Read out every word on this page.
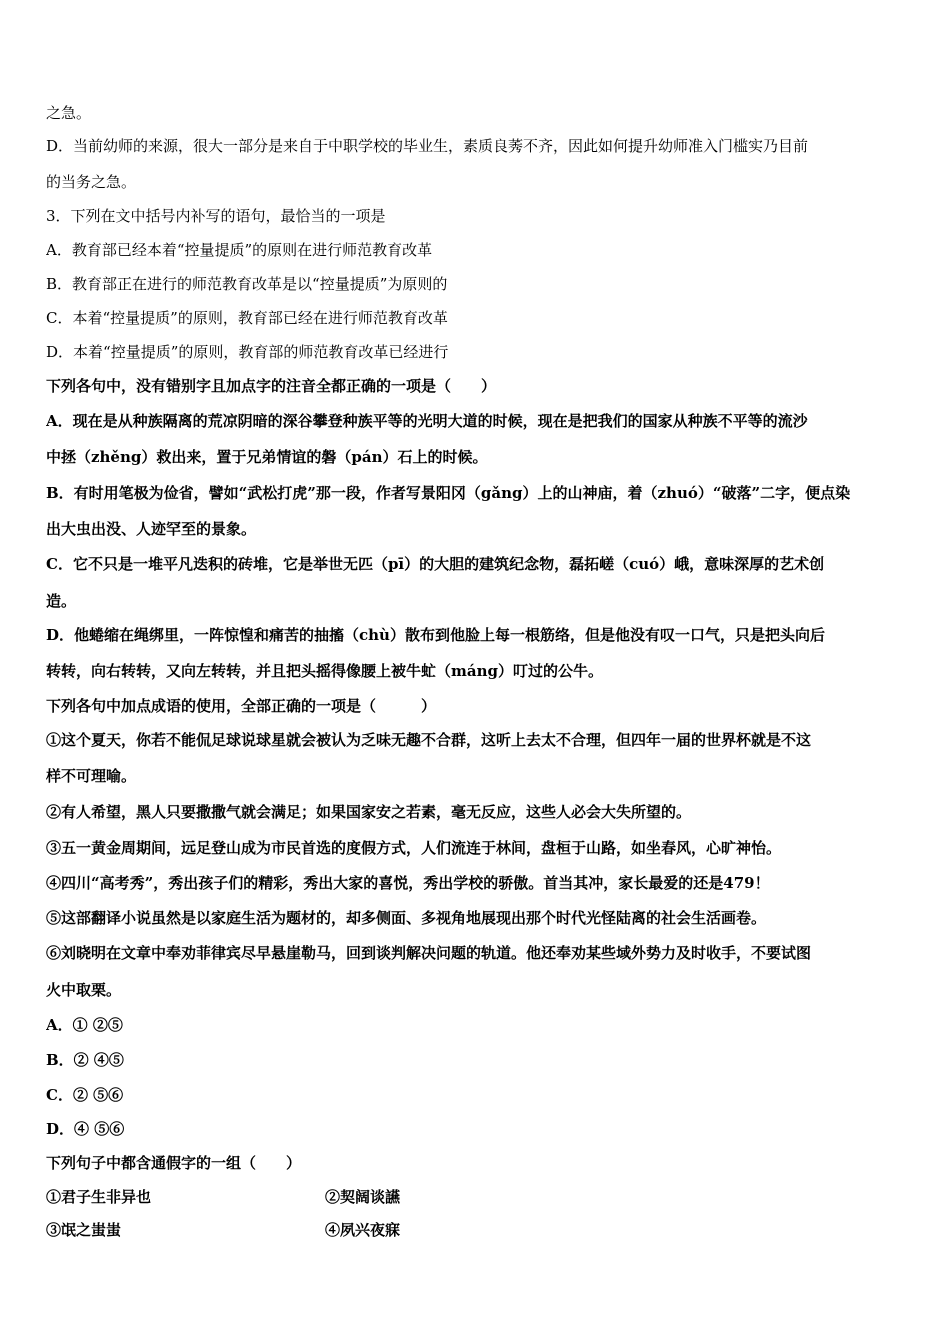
之急。
D．当前幼师的来源，很大一部分是来自于中职学校的毕业生，素质良莠不齐，因此如何提升幼师准入门槛实乃目前
的当务之急。
3．下列在文中括号内补写的语句，最恰当的一项是
A．教育部已经本着“控量提质”的原则在进行师范教育改革
B．教育部正在进行的师范教育改革是以“控量提质”为原则的
C．本着“控量提质”的原则，教育部已经在进行师范教育改革
D．本着“控量提质”的原则，教育部的师范教育改革已经进行
下列各句中，没有错别字且加点字的注音全都正确的一项是（　　）
A．现在是从种族隔离的荒凉阴暗的深谷攀登种族平等的光明大道的时候，现在是把我们的国家从种族不平等的流沙
中拯（zhěng）救出来，置于兄弟情谊的磐（pán）石上的时候。
B．有时用笔极为俭省，譬如“武松打虎”那一段，作者写景阳冈（gǎng）上的山神庙，着（zhuó）“破落”二字，便点染
出大虫出没、人迹罕至的景象。
C．它不只是一堆平凡迭积的砖堆，它是举世无匹（pī）的大胆的建筑纪念物，磊拓嵯（cuó）峨，意味深厚的艺术创
造。
D．他蜷缩在绳绑里，一阵惊惶和痛苦的抽搐（chù）散布到他脸上每一根筋络，但是他没有叹一口气，只是把头向后
转转，向右转转，又向左转转，并且把头摇得像腰上被牛虻（máng）叮过的公牛。
下列各句中加点成语的使用，全部正确的一项是（　　　）
①这个夏天，你若不能侃足球说球星就会被认为乏味无趣不合群，这听上去太不合理，但四年一届的世界杯就是不这
样不可理喻。
②有人希望，黑人只要撒撒气就会满足；如果国家安之若素，毫无反应，这些人必会大失所望的。
③五一黄金周期间，远足登山成为市民首选的度假方式，人们流连于林间，盘桓于山路，如坐春风，心旷神怡。
④四川“高考秀”，秀出孩子们的精彩，秀出大家的喜悦，秀出学校的骄傲。首当其冲，家长最爱的还是479！
⑤这部翻译小说虽然是以家庭生活为题材的，却多侧面、多视角地展现出那个时代光怪陆离的社会生活画卷。
⑥刘晓明在文章中奉劝菲律宾尽早悬崖勒马，回到谈判解决问题的轨道。他还奉劝某些域外势力及时收手，不要试图
火中取栗。
A．① ②⑤
B．② ④⑤
C．② ⑤⑥
D．④ ⑤⑥
下列句子中都含通假字的一组（　　）
①君子生非异也	②契阔谈讌
③氓之蚩蚩	④夙兴夜寐
